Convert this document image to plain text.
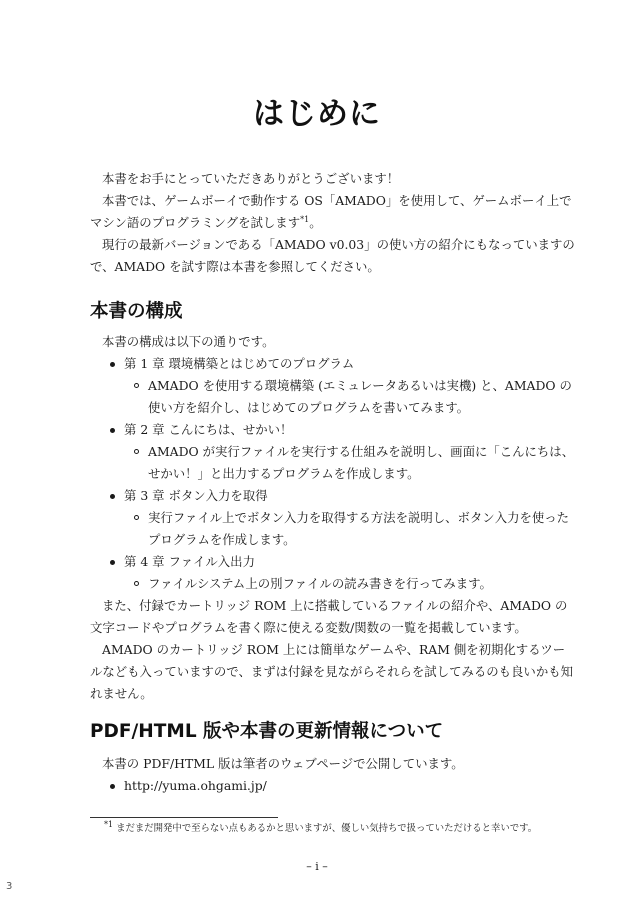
はじめに

本書をお手にとっていただきありがとうございます！

本書では、ゲームボーイで動作する OS「AMADO」を使用して、ゲームボーイ上でマシン語のプログラミングを試します$^{*1}$。

現行の最新バージョンである「AMADO v0.03」の使い方の紹介にもなっていますので、AMADO を試す際は本書を参照してください。

本書の構成

本書の構成は以下の通りです。

第 1 章 環境構築とはじめてのプログラム
AMADO を使用する環境構築 (エミュレータあるいは実機) と、AMADO の使い方を紹介し、はじめてのプログラムを書いてみます。
第 2 章 こんにちは、せかい！
AMADO が実行ファイルを実行する仕組みを説明し、画面に「こんにちは、せかい！」と出力するプログラムを作成します。
第 3 章 ボタン入力を取得
実行ファイル上でボタン入力を取得する方法を説明し、ボタン入力を使ったプログラムを作成します。
第 4 章 ファイル入出力
ファイルシステム上の別ファイルの読み書きを行ってみます。

また、付録でカートリッジ ROM 上に搭載しているファイルの紹介や、AMADO の文字コードやプログラムを書く際に使える変数/関数の一覧を掲載しています。

AMADO のカートリッジ ROM 上には簡単なゲームや、RAM 側を初期化するツールなども入っていますので、まずは付録を見ながらそれらを試してみるのも良いかも知れません。

PDF/HTML 版や本書の更新情報について

本書の PDF/HTML 版は筆者のウェブページで公開しています。

http://yuma.ohgami.jp/
*1 まだまだ開発中で至らない点もあるかと思いますが、優しい気持ちで扱っていただけると幸いです。
– i –
3
